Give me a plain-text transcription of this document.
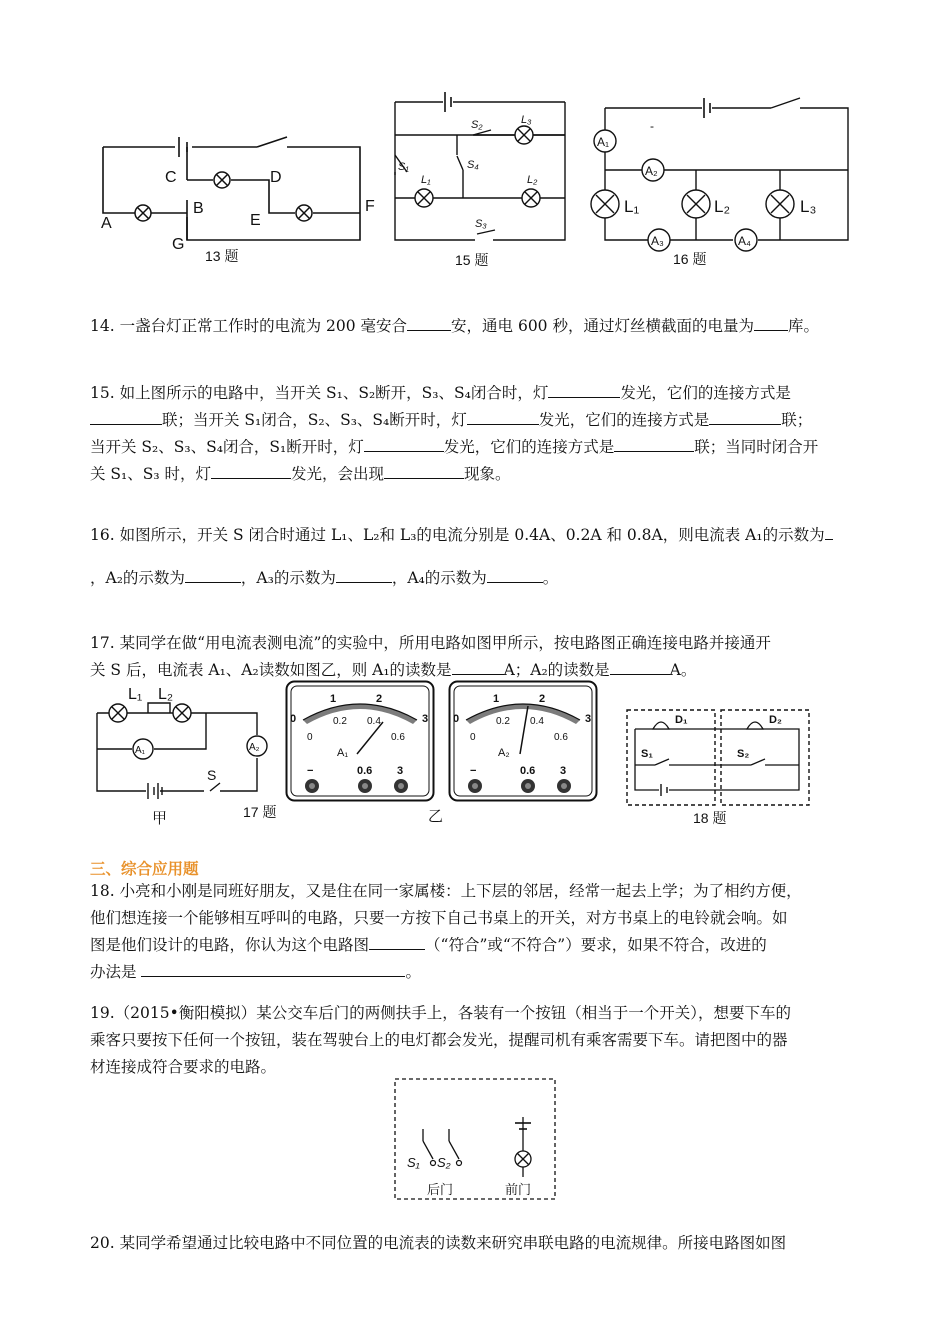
A
B
C	D
E
F
G
13 题
S₂	L₃
S₁	S₄
L₁	L₂
S₃
15 题
A₁
A₂
A₃	A₄
L₁	L₂	L₃
-
16 题
14. 一盏台灯正常工作时的电流为 200 毫安合	安，通电 600 秒，通过灯丝横截面的电量为 库。
15. 如上图所示的电路中，当开关 S₁、S₂断开，S₃、S₄闭合时，灯	发光，它们的连接方式是
联；当开关 S₁闭合，S₂、S₃、S₄断开时，灯	发光，它们的连接方式是	联；
当开关 S₂、S₃、S₄闭合，S₁断开时，灯	发光，它们的连接方式是	联；当同时闭合开
关 S₁、S₃ 时，灯	发光，会出现	现象。
16. 如图所示，开关 S 闭合时通过 L₁、L₂和 L₃的电流分别是 0.4A、0.2A 和 0.8A，则电流表 A₁的示数为
，A₂的示数为	，A₃的示数为	，A₄的示数为	。
17. 某同学在做“用电流表测电流”的实验中，所用电路如图甲所示，按电路图正确连接电路并接通开
关 S 后，电流表 A₁、A₂读数如图乙，则 A₁的读数是	A；A₂的读数是	A。
L₁ L₂
A₁	A₂
S
甲	17 题
0
1	2
3
0
0.2 0.4
0.6
A₁
−	0.6 3
0
1	2
3
0
0.2 0.4
0.6
A₂
−	0.6 3
乙
D₁	D₂
S₁	S₂
18 题
三、综合应用题
18. 小亮和小刚是同班好朋友，又是住在同一家属楼：上下层的邻居，经常一起去上学；为了相约方便，
他们想连接一个能够相互呼叫的电路，只要一方按下自己书桌上的开关，对方书桌上的电铃就会响。如
图是他们设计的电路，你认为这个电路图	（“符合”或“不符合”）要求，如果不符合，改进的
办法是	。
19.（2015•衡阳模拟）某公交车后门的两侧扶手上，各装有一个按钮（相当于一个开关），想要下车的
乘客只要按下任何一个按钮，装在驾驶台上的电灯都会发光，提醒司机有乘客需要下车。请把图中的器
材连接成符合要求的电路。
S₁ S₂
后门	前门
20. 某同学希望通过比较电路中不同位置的电流表的读数来研究串联电路的电流规律。所接电路图如图
